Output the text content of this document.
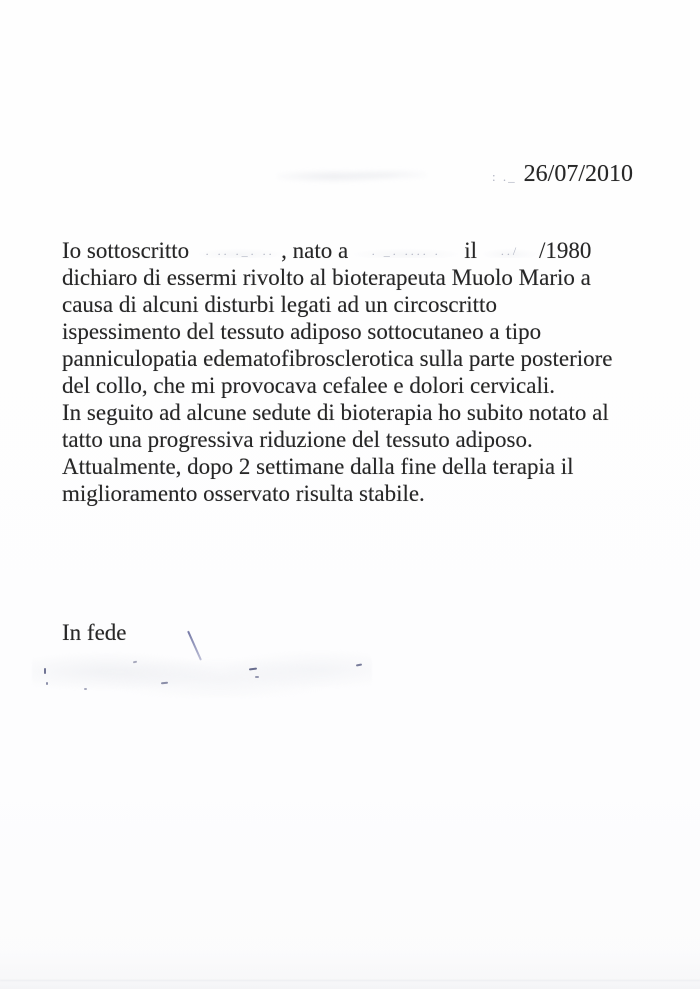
: ._ 26/07/2010
Io sottoscritto	. .. ._. .. , nato a	. _. .... .	il	../ /1980
dichiaro di essermi rivolto al bioterapeuta Muolo Mario a
causa di alcuni disturbi legati ad un circoscritto
ispessimento del tessuto adiposo sottocutaneo a tipo
panniculopatia edematofibrosclerotica sulla parte posteriore
del collo, che mi provocava cefalee e dolori cervicali.
In seguito ad alcune sedute di bioterapia ho subito notato al
tatto una progressiva riduzione del tessuto adiposo.
Attualmente, dopo 2 settimane dalla fine della terapia il
miglioramento osservato risulta stabile.
In fede
